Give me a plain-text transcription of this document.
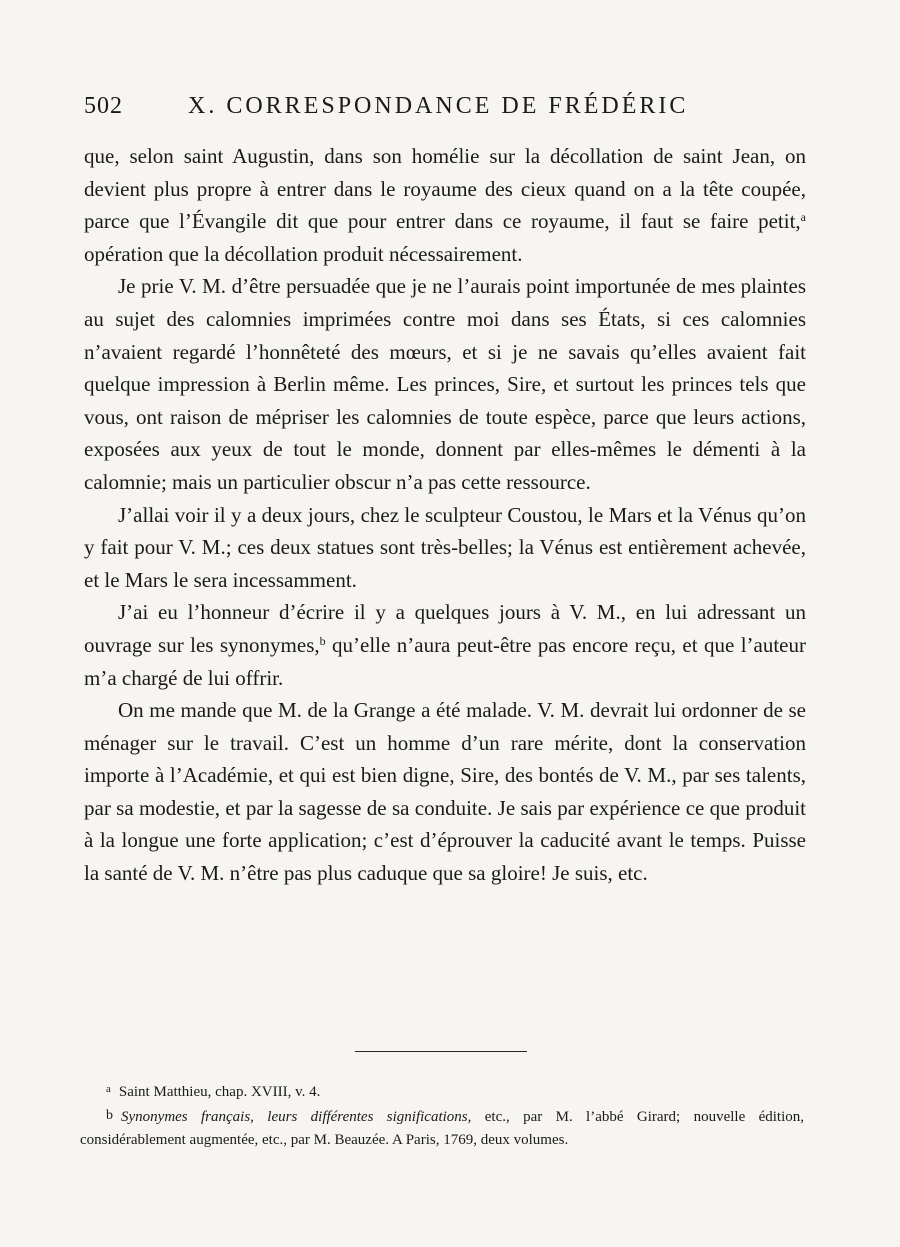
502	X. CORRESPONDANCE DE FRÉDÉRIC

que, selon saint Augustin, dans son homélie sur la décollation de saint Jean, on devient plus propre à entrer dans le royaume des cieux quand on a la tête coupée, parce que l’Évangile dit que pour entrer dans ce royaume, il faut se faire petit,$^a$ opération que la décollation produit nécessairement.

Je prie V. M. d’être persuadée que je ne l’aurais point importunée de mes plaintes au sujet des calomnies imprimées contre moi dans ses États, si ces calomnies n’avaient regardé l’honnêteté des mœurs, et si je ne savais qu’elles avaient fait quelque impression à Berlin même. Les princes, Sire, et surtout les princes tels que vous, ont raison de mépriser les calomnies de toute espèce, parce que leurs actions, exposées aux yeux de tout le monde, donnent par elles-mêmes le démenti à la calomnie; mais un particulier obscur n’a pas cette ressource.

J’allai voir il y a deux jours, chez le sculpteur Coustou, le Mars et la Vénus qu’on y fait pour V. M.; ces deux statues sont très-belles; la Vénus est entièrement achevée, et le Mars le sera incessamment.

J’ai eu l’honneur d’écrire il y a quelques jours à V. M., en lui adressant un ouvrage sur les synonymes,$^b$ qu’elle n’aura peut-être pas encore reçu, et que l’auteur m’a chargé de lui offrir.

On me mande que M. de la Grange a été malade. V. M. devrait lui ordonner de se ménager sur le travail. C’est un homme d’un rare mérite, dont la conservation importe à l’Académie, et qui est bien digne, Sire, des bontés de V. M., par ses talents, par sa modestie, et par la sagesse de sa conduite. Je sais par expérience ce que produit à la longue une forte application; c’est d’éprouver la caducité avant le temps. Puisse la santé de V. M. n’être pas plus caduque que sa gloire! Je suis, etc.

$^a$ Saint Matthieu, chap. XVIII, v. 4.

b Synonymes français, leurs différentes significations, etc., par M. l’abbé Girard; nouvelle édition, considérablement augmentée, etc., par M. Beauzée. A Paris, 1769, deux volumes.
